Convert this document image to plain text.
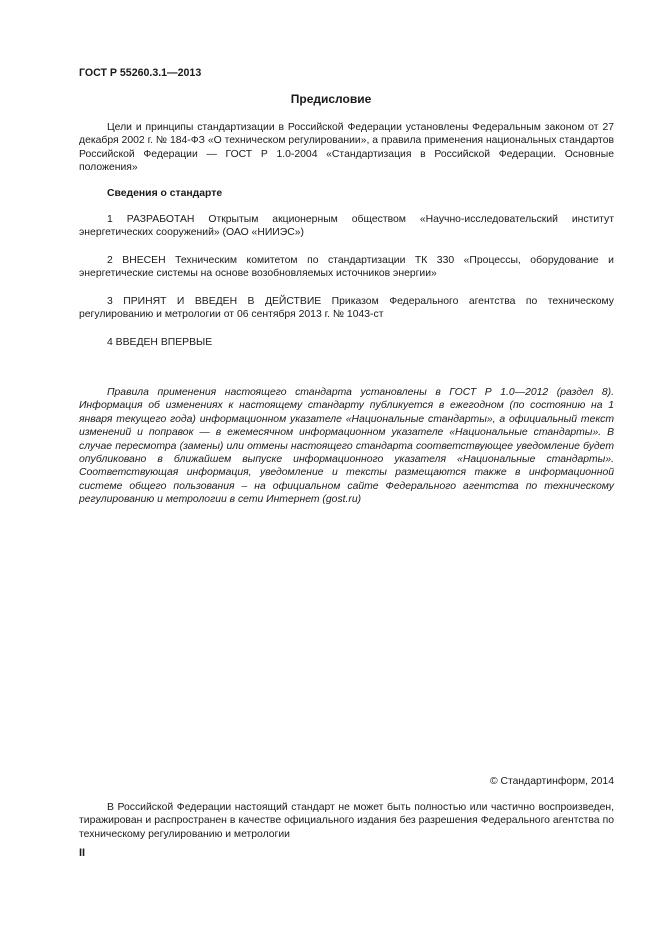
ГОСТ Р 55260.3.1—2013

Предисловие

Цели и принципы стандартизации в Российской Федерации установлены Федеральным законом от 27 декабря 2002 г. № 184-ФЗ «О техническом регулировании», а правила применения национальных стандартов Российской Федерации — ГОСТ Р 1.0-2004 «Стандартизация в Российской Федерации. Основные положения»

Сведения о стандарте

1 РАЗРАБОТАН Открытым акционерным обществом «Научно-исследовательский институт энергетических сооружений» (ОАО «НИИЭС»)

2 ВНЕСЕН Техническим комитетом по стандартизации ТК 330 «Процессы, оборудование и энергетические системы на основе возобновляемых источников энергии»

3 ПРИНЯТ И ВВЕДЕН В ДЕЙСТВИЕ Приказом Федерального агентства по техническому регулированию и метрологии от 06 сентября 2013 г. № 1043-ст

4 ВВЕДЕН ВПЕРВЫЕ

Правила применения настоящего стандарта установлены в ГОСТ Р 1.0—2012 (раздел 8). Информация об изменениях к настоящему стандарту публикуется в ежегодном (по состоянию на 1 января текущего года) информационном указателе «Национальные стандарты», а официальный текст изменений и поправок — в ежемесячном информационном указателе «Национальные стандарты». В случае пересмотра (замены) или отмены настоящего стандарта соответствующее уведомление будет опубликовано в ближайшем выпуске информационного указателя «Национальные стандарты». Соответствующая информация, уведомление и тексты размещаются также в информационной системе общего пользования – на официальном сайте Федерального агентства по техническому регулированию и метрологии в сети Интернет (gost.ru)

© Стандартинформ, 2014

В Российской Федерации настоящий стандарт не может быть полностью или частично воспроизведен, тиражирован и распространен в качестве официального издания без разрешения Федерального агентства по техническому регулированию и метрологии

II
